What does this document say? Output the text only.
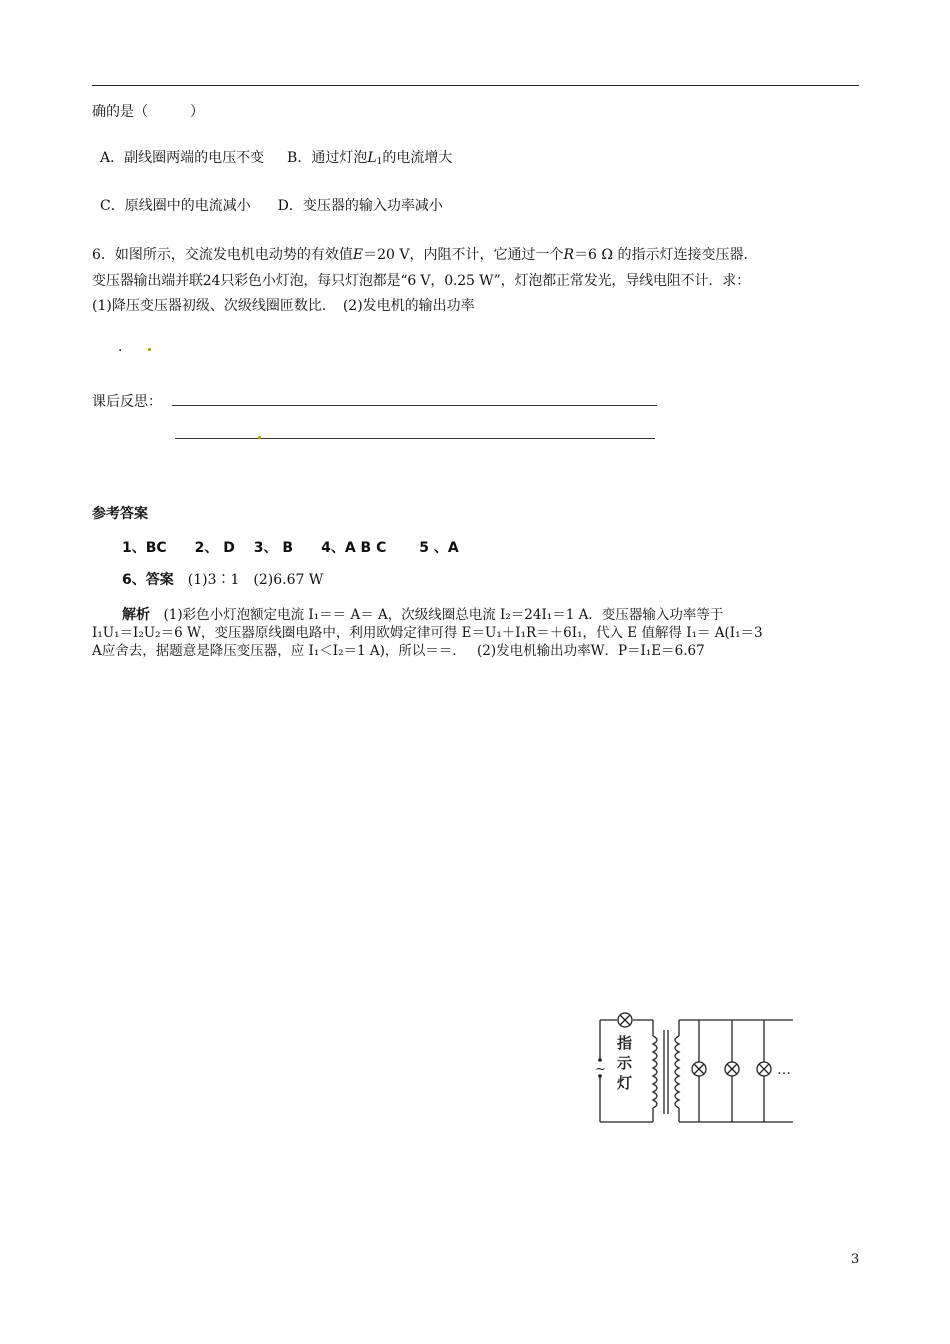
确的是（　　　）
A．副线圈两端的电压不变 B．通过灯泡$L_1$的电流增大
C．原线圈中的电流减小 D．变压器的输入功率减小
6．如图所示，交流发电机电动势的有效值E＝20 V，内阻不计，它通过一个R＝6 Ω 的指示灯连接变压器．
变压器输出端并联24只彩色小灯泡，每只灯泡都是“6 V，0.25 W”，灯泡都正常发光，导线电阻不计．求：
(1)降压变压器初级、次级线圈匝数比．　(2)发电机的输出功率
．
课后反思：
参考答案
1、BC　　2、 D　 3、 B　　4、A B C　　 5 、A
6、答案　(1)3∶1　(2)6.67 W
解析　(1)彩色小灯泡额定电流 I₁＝＝ A＝ A，次级线圈总电流 I₂＝24I₁＝1 A．变压器输入功率等于
I₁U₁＝I₂U₂＝6 W，变压器原线圈电路中，利用欧姆定律可得 E＝U₁＋I₁R＝＋6I₁，代入 E 值解得 I₁＝ A(I₁＝3
A应舍去，据题意是降压变压器，应 I₁＜I₂＝1 A)，所以＝＝．　 (2)发电机输出功率W．P＝I₁E＝6.67
~
指
示
灯
…
3
